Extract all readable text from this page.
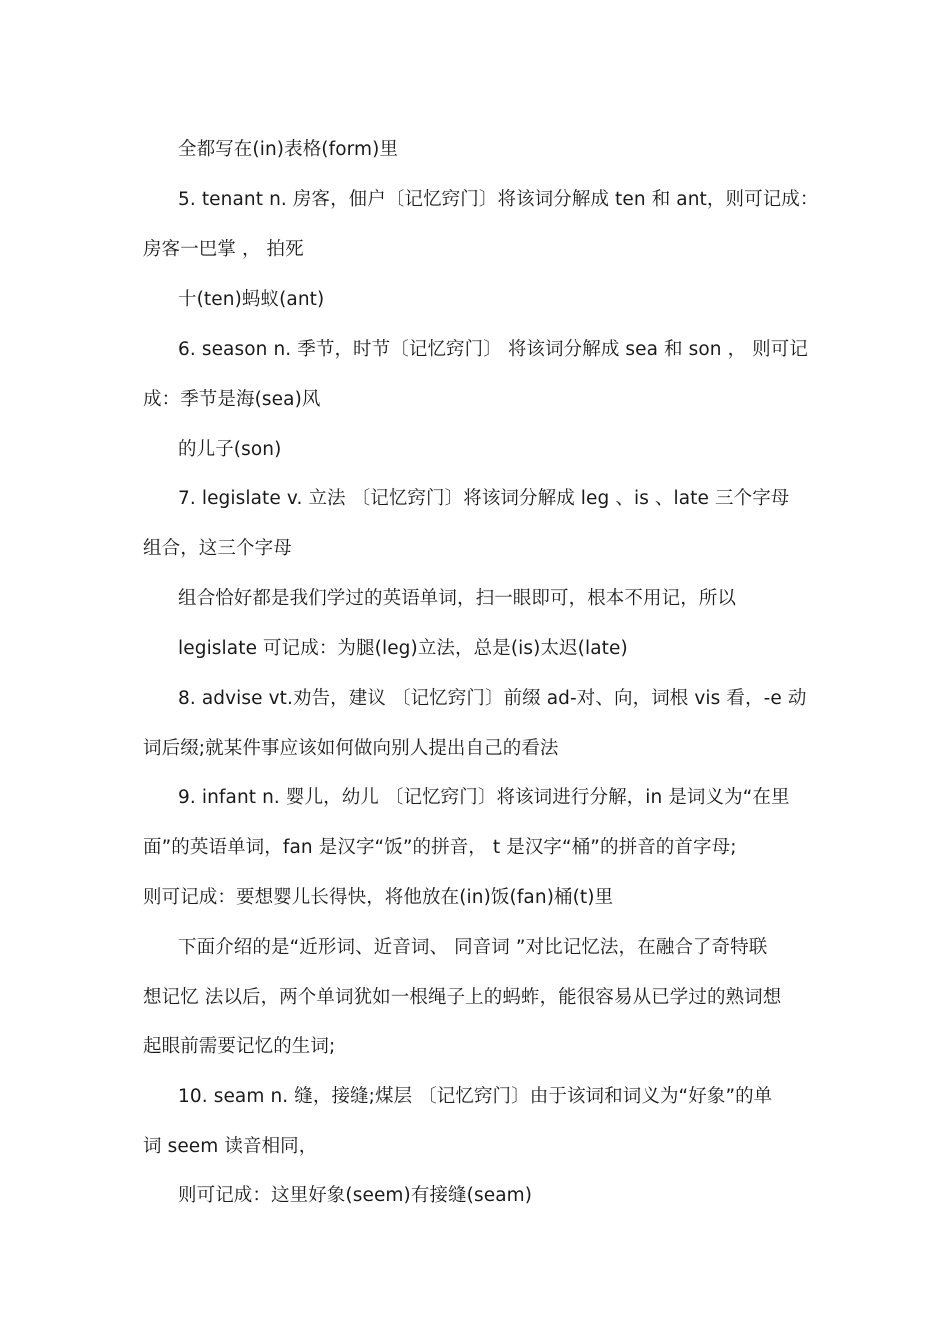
全都写在(in)表格(form)里
5. tenant n. 房客，佃户〔记忆窍门〕将该词分解成 ten 和 ant，则可记成：
房客一巴掌 ， 拍死
十(ten)蚂蚁(ant)
6. season n. 季节，时节〔记忆窍门〕 将该词分解成 sea 和 son ， 则可记
成：季节是海(sea)风
的儿子(son)
7. legislate v. 立法 〔记忆窍门〕将该词分解成 leg 、is 、late 三个字母
组合，这三个字母
组合恰好都是我们学过的英语单词，扫一眼即可，根本不用记，所以
legislate 可记成：为腿(leg)立法，总是(is)太迟(late)
8. advise vt.劝告，建议 〔记忆窍门〕前缀 ad-对、向，词根 vis 看，-e 动
词后缀;就某件事应该如何做向别人提出自己的看法
9. infant n. 婴儿，幼儿 〔记忆窍门〕将该词进行分解，in 是词义为“在里
面”的英语单词，fan 是汉字“饭”的拼音， t 是汉字“桶”的拼音的首字母;
则可记成：要想婴儿长得快，将他放在(in)饭(fan)桶(t)里
下面介绍的是“近形词、近音词、 同音词 ”对比记忆法，在融合了奇特联
想记忆 法以后，两个单词犹如一根绳子上的蚂蚱，能很容易从已学过的熟词想
起眼前需要记忆的生词;
10. seam n. 缝，接缝;煤层 〔记忆窍门〕由于该词和词义为“好象”的单
词 seem 读音相同，
则可记成：这里好象(seem)有接缝(seam)
